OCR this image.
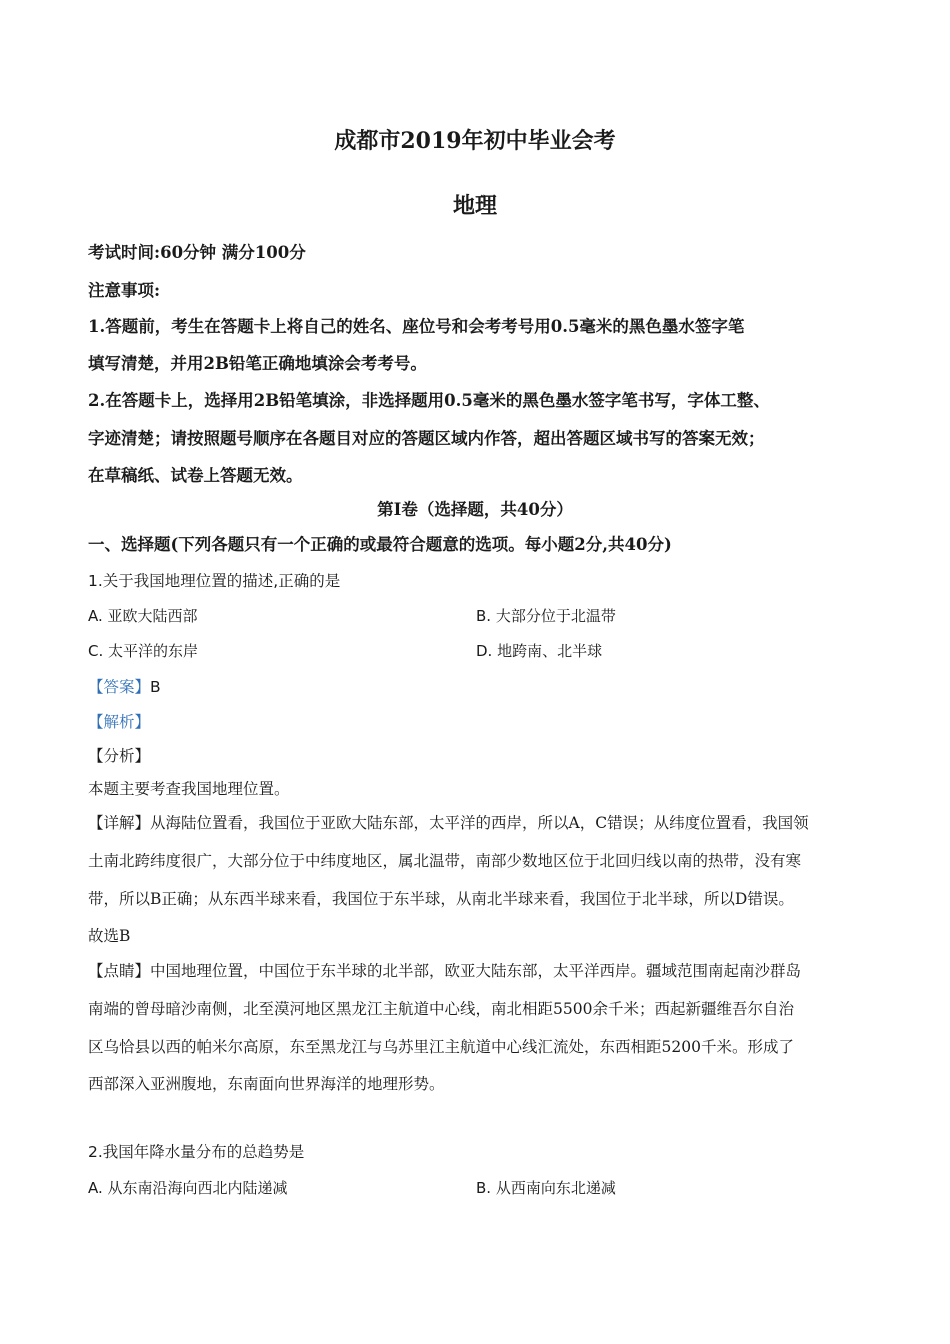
成都市2019年初中毕业会考
地理
考试时间:60分钟 满分100分
注意事项:
1.答题前，考生在答题卡上将自己的姓名、座位号和会考考号用0.5毫米的黑色墨水签字笔
填写清楚，并用2B铅笔正确地填涂会考考号。
2.在答题卡上，选择用2B铅笔填涂，非选择题用0.5毫米的黑色墨水签字笔书写，字体工整、
字迹清楚；请按照题号顺序在各题目对应的答题区域内作答，超出答题区域书写的答案无效；
在草稿纸、试卷上答题无效。
第Ⅰ卷（选择题，共40分）
一、选择题(下列各题只有一个正确的或最符合题意的选项。每小题2分,共40分)
1.关于我国地理位置的描述,正确的是
A. 亚欧大陆西部	B. 大部分位于北温带
C. 太平洋的东岸	D. 地跨南、北半球
【答案】B
【解析】
【分析】
本题主要考查我国地理位置。
【详解】从海陆位置看，我国位于亚欧大陆东部，太平洋的西岸，所以A，C错误；从纬度位置看，我国领
土南北跨纬度很广，大部分位于中纬度地区，属北温带，南部少数地区位于北回归线以南的热带，没有寒
带，所以B正确；从东西半球来看，我国位于东半球，从南北半球来看，我国位于北半球，所以D错误。
故选B
【点睛】中国地理位置，中国位于东半球的北半部，欧亚大陆东部，太平洋西岸。疆域范围南起南沙群岛
南端的曾母暗沙南侧，北至漠河地区黑龙江主航道中心线，南北相距5500余千米；西起新疆维吾尔自治
区乌恰县以西的帕米尔高原，东至黑龙江与乌苏里江主航道中心线汇流处，东西相距5200千米。形成了
西部深入亚洲腹地，东南面向世界海洋的地理形势。
2.我国年降水量分布的总趋势是
A. 从东南沿海向西北内陆递减	B. 从西南向东北递减
